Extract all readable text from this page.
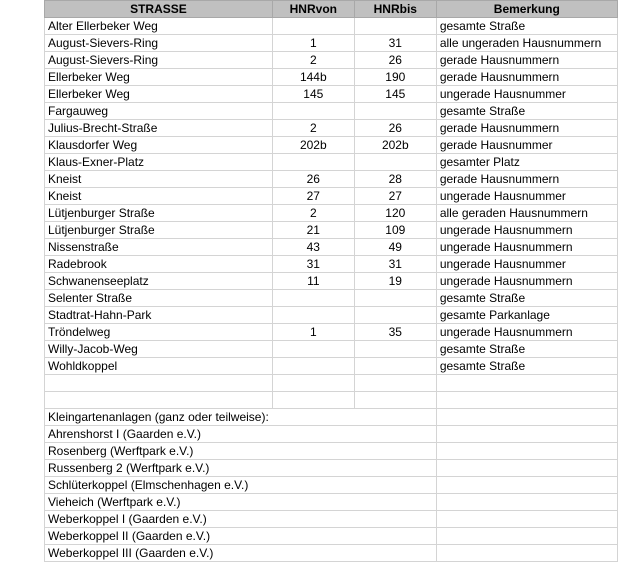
STRASSE	HNRvon	HNRbis	Bemerkung
Alter Ellerbeker Weg			gesamte Straße
August-Sievers-Ring	1	31	alle ungeraden Hausnummern
August-Sievers-Ring	2	26	gerade Hausnummern
Ellerbeker Weg	144b	190	gerade Hausnummern
Ellerbeker Weg	145	145	ungerade Hausnummer
Fargauweg			gesamte Straße
Julius-Brecht-Straße	2	26	gerade Hausnummern
Klausdorfer Weg	202b	202b	gerade Hausnummer
Klaus-Exner-Platz			gesamter Platz
Kneist	26	28	gerade Hausnummern
Kneist	27	27	ungerade Hausnummer
Lütjenburger Straße	2	120	alle geraden Hausnummern
Lütjenburger Straße	21	109	ungerade Hausnummern
Nissenstraße	43	49	ungerade Hausnummern
Radebrook	31	31	ungerade Hausnummer
Schwanenseeplatz	11	19	ungerade Hausnummern
Selenter Straße			gesamte Straße
Stadtrat-Hahn-Park			gesamte Parkanlage
Tröndelweg	1	35	ungerade Hausnummern
Willy-Jacob-Weg			gesamte Straße
Wohldkoppel			gesamte Straße

Kleingartenanlagen (ganz oder teilweise):			
Ahrenshorst I (Gaarden e.V.)			
Rosenberg (Werftpark e.V.)			
Russenberg 2 (Werftpark e.V.)			
Schlüterkoppel (Elmschenhagen e.V.)			
Vieheich (Werftpark e.V.)			
Weberkoppel I (Gaarden e.V.)			
Weberkoppel II (Gaarden e.V.)			
Weberkoppel III (Gaarden e.V.)			
